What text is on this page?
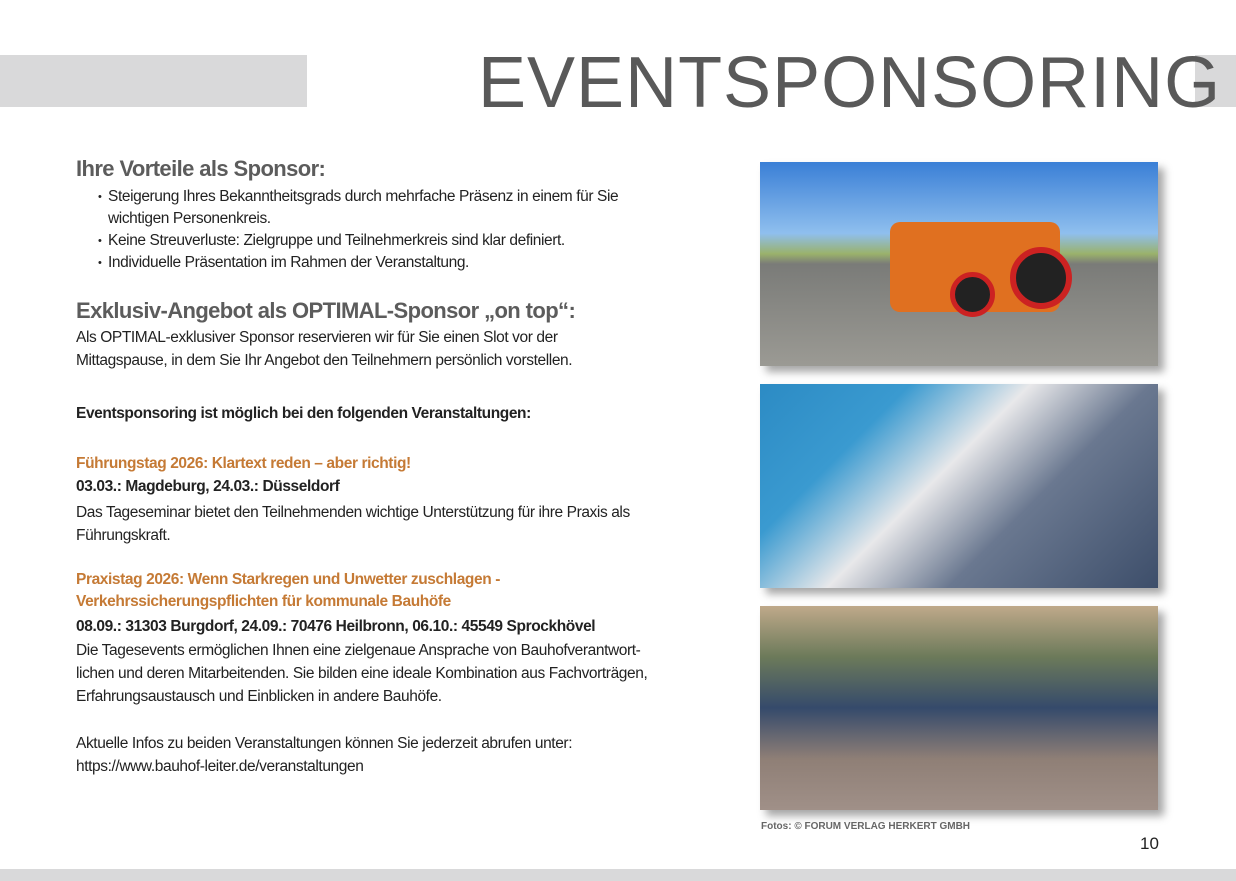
EVENTSPONSORING
Ihre Vorteile als Sponsor:
• Steigerung Ihres Bekanntheitsgrads durch mehrfache Präsenz in einem für Sie wichtigen Personenkreis.
• Keine Streuverluste: Zielgruppe und Teilnehmerkreis sind klar definiert.
• Individuelle Präsentation im Rahmen der Veranstaltung.
Exklusiv-Angebot als OPTIMAL-Sponsor „on top“:

Als OPTIMAL-exklusiver Sponsor reservieren wir für Sie einen Slot vor der Mittagspause, in dem Sie Ihr Angebot den Teilnehmern persönlich vorstellen.

Eventsponsoring ist möglich bei den folgenden Veranstaltungen:

Führungstag 2026: Klartext reden – aber richtig!
03.03.: Magdeburg, 24.03.: Düsseldorf

Das Tageseminar bietet den Teilnehmenden wichtige Unterstützung für ihre Praxis als Führungskraft.

Praxistag 2026: Wenn Starkregen und Unwetter zuschlagen - Verkehrssicherungspflichten für kommunale Bauhöfe
08.09.: 31303 Burgdorf, 24.09.: 70476 Heilbronn, 06.10.: 45549 Sprockhövel

Die Tagesevents ermöglichen Ihnen eine zielgenaue Ansprache von Bauhofverantwort-lichen und deren Mitarbeitenden. Sie bilden eine ideale Kombination aus Fachvorträgen, Erfahrungsaustausch und Einblicken in andere Bauhöfe.

Aktuelle Infos zu beiden Veranstaltungen können Sie jederzeit abrufen unter:

https://www.bauhof-leiter.de/veranstaltungen
Fotos: © FORUM VERLAG HERKERT GMBH
10
